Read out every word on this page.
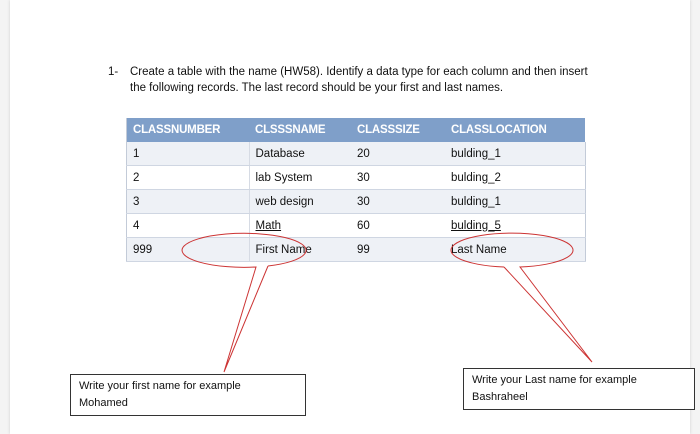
1- Create a table with the name (HW58). Identify a data type for each column and then insert
the following records. The last record should be your first and last names.
CLASSNUMBER	CLSSSNAME	CLASSSIZE	CLASSLOCATION
1	Database	20	bulding_1
2	lab System	30	bulding_2
3	web design	30	bulding_1
4	Math	60	bulding_5
999	First Name	99	Last Name
Write your first name for example
Mohamed
Write your Last name for example
Bashraheel
